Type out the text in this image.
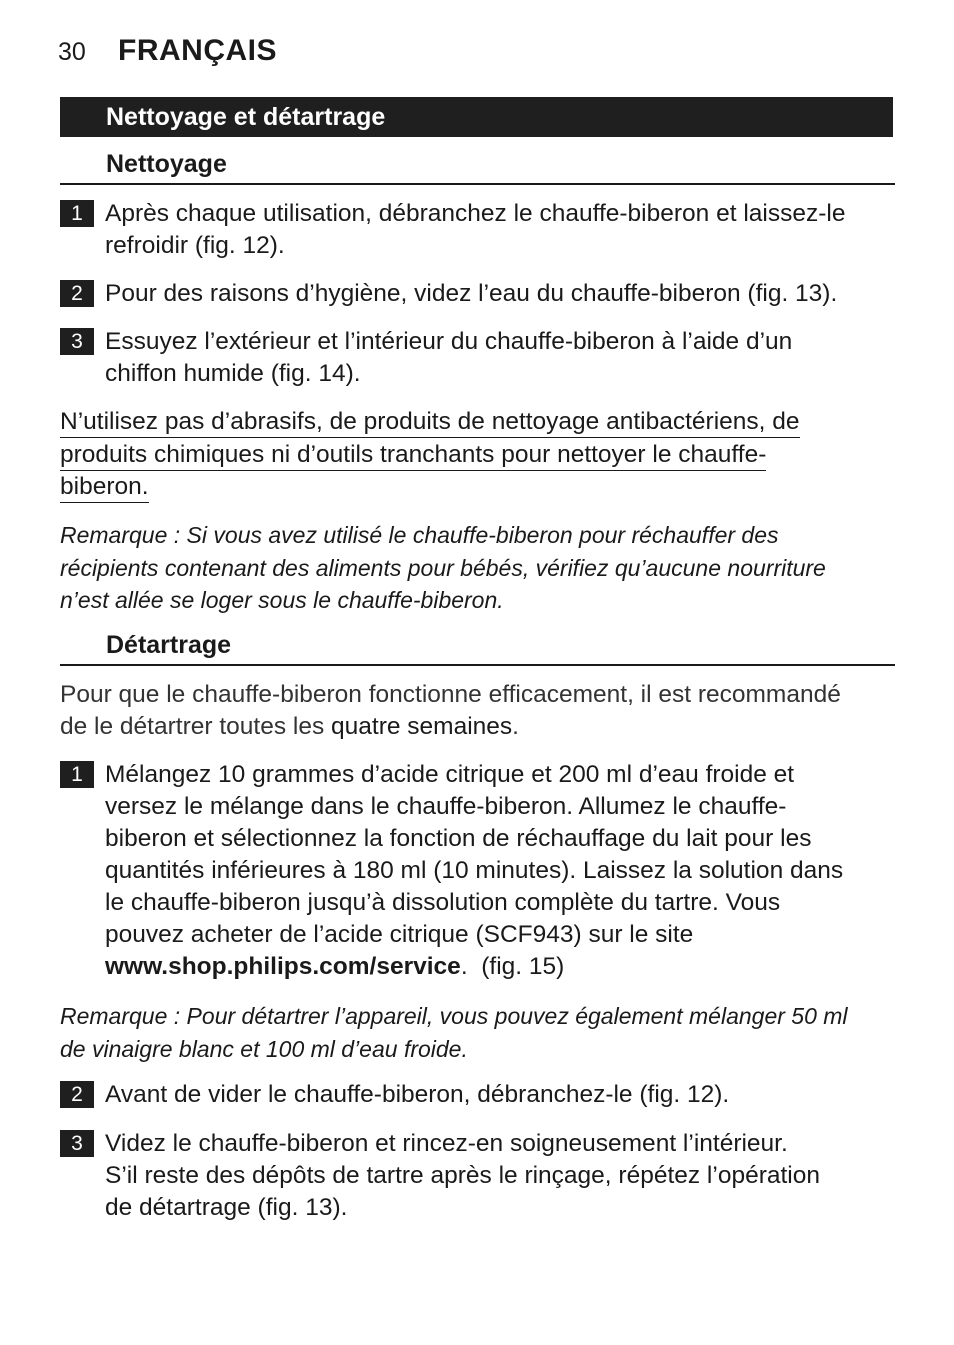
30 FRANÇAIS
Nettoyage et détartrage
Nettoyage
1 Après chaque utilisation, débranchez le chauffe-biberon et laissez-le
refroidir (fig. 12).
2 Pour des raisons d’hygiène, videz l’eau du chauffe-biberon (fig. 13).
3 Essuyez l’extérieur et l’intérieur du chauffe-biberon à l’aide d’un
chiffon humide (fig. 14).
N’utilisez pas d’abrasifs, de produits de nettoyage antibactériens, de
produits chimiques ni d’outils tranchants pour nettoyer le chauffe-
biberon.
Remarque : Si vous avez utilisé le chauffe-biberon pour réchauffer des
récipients contenant des aliments pour bébés, vérifiez qu’aucune nourriture
n’est allée se loger sous le chauffe-biberon.
Détartrage
Pour que le chauffe-biberon fonctionne efficacement, il est recommandé
de le détartrer toutes les quatre semaines.
1 Mélangez 10 grammes d’acide citrique et 200 ml d’eau froide et
versez le mélange dans le chauffe-biberon. Allumez le chauffe-
biberon et sélectionnez la fonction de réchauffage du lait pour les
quantités inférieures à 180 ml (10 minutes). Laissez la solution dans
le chauffe-biberon jusqu’à dissolution complète du tartre. Vous
pouvez acheter de l’acide citrique (SCF943) sur le site
www.shop.philips.com/service.  (fig. 15)
Remarque : Pour détartrer l’appareil, vous pouvez également mélanger 50 ml
de vinaigre blanc et 100 ml d’eau froide.
2 Avant de vider le chauffe-biberon, débranchez-le (fig. 12).
3 Videz le chauffe-biberon et rincez-en soigneusement l’intérieur.
S’il reste des dépôts de tartre après le rinçage, répétez l’opération
de détartrage (fig. 13).
